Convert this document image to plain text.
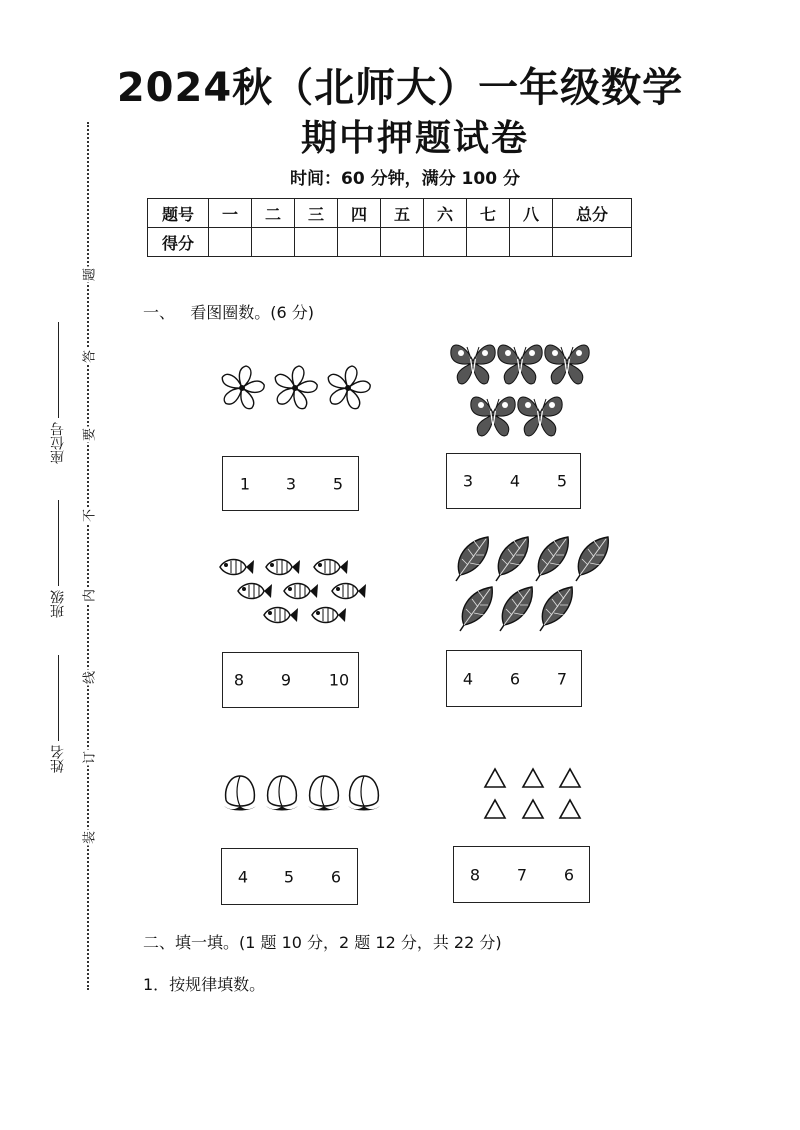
2024秋（北师大）一年级数学
期中押题试卷
时间：60 分钟，满分 100 分
题号	一	二	三	四	五	六	七	八	总分
得分									
座位号
班级
姓名
题
答
要
不
内
线
订
装
一、   看图圈数。(6 分)
1 3 5	3 4 5
8 9 10	4 6 7
4 5 6	8 7 6
二、填一填。(1 题 10 分，2 题 12 分，共 22 分)
1．按规律填数。
